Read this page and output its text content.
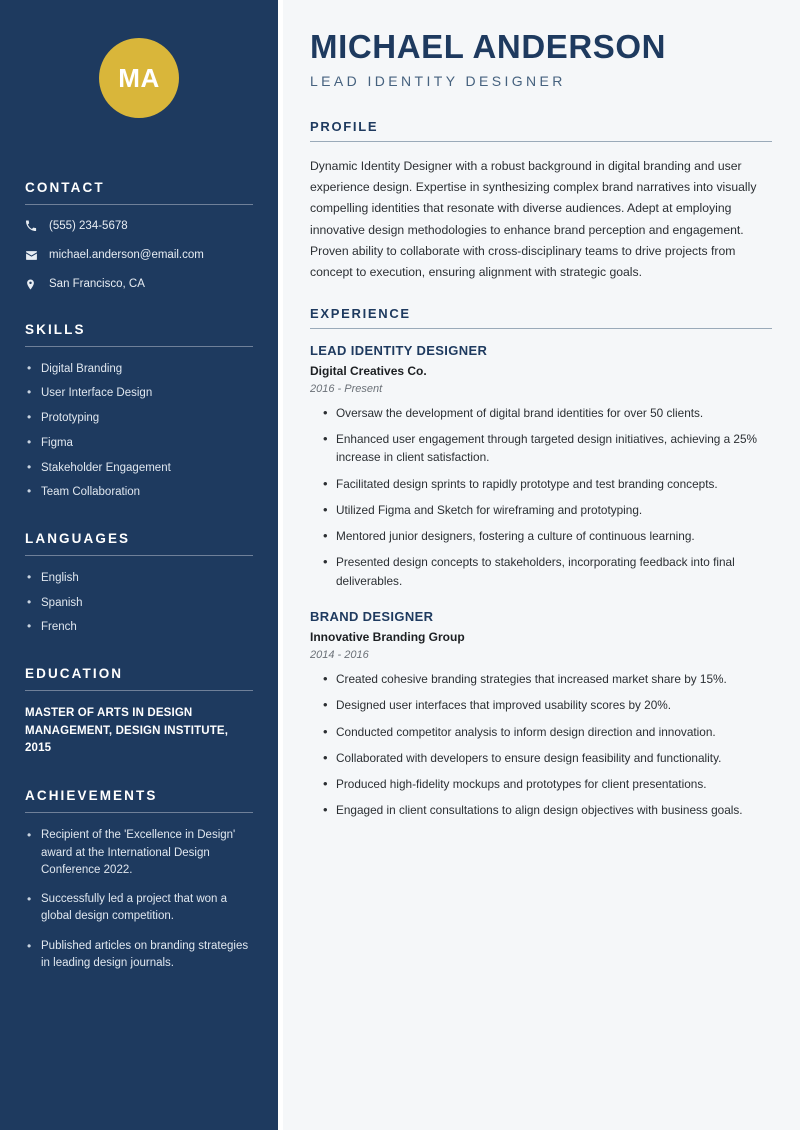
MA
CONTACT
(555) 234-5678
michael.anderson@email.com
San Francisco, CA
SKILLS
• Digital Branding
• User Interface Design
• Prototyping
• Figma
• Stakeholder Engagement
• Team Collaboration
LANGUAGES
• English
• Spanish
• French
EDUCATION
MASTER OF ARTS IN DESIGN MANAGEMENT, DESIGN INSTITUTE, 2015
ACHIEVEMENTS
• Recipient of the 'Excellence in Design' award at the International Design Conference 2022.
• Successfully led a project that won a global design competition.
• Published articles on branding strategies in leading design journals.
MICHAEL ANDERSON
LEAD IDENTITY DESIGNER
PROFILE

Dynamic Identity Designer with a robust background in digital branding and user experience design. Expertise in synthesizing complex brand narratives into visually compelling identities that resonate with diverse audiences. Adept at employing innovative design methodologies to enhance brand perception and engagement. Proven ability to collaborate with cross-disciplinary teams to drive projects from concept to execution, ensuring alignment with strategic goals.

EXPERIENCE
LEAD IDENTITY DESIGNER
Digital Creatives Co.
2016 - Present
• Oversaw the development of digital brand identities for over 50 clients.
• Enhanced user engagement through targeted design initiatives, achieving a 25% increase in client satisfaction.
• Facilitated design sprints to rapidly prototype and test branding concepts.
• Utilized Figma and Sketch for wireframing and prototyping.
• Mentored junior designers, fostering a culture of continuous learning.
• Presented design concepts to stakeholders, incorporating feedback into final deliverables.
BRAND DESIGNER
Innovative Branding Group
2014 - 2016
• Created cohesive branding strategies that increased market share by 15%.
• Designed user interfaces that improved usability scores by 20%.
• Conducted competitor analysis to inform design direction and innovation.
• Collaborated with developers to ensure design feasibility and functionality.
• Produced high-fidelity mockups and prototypes for client presentations.
• Engaged in client consultations to align design objectives with business goals.
